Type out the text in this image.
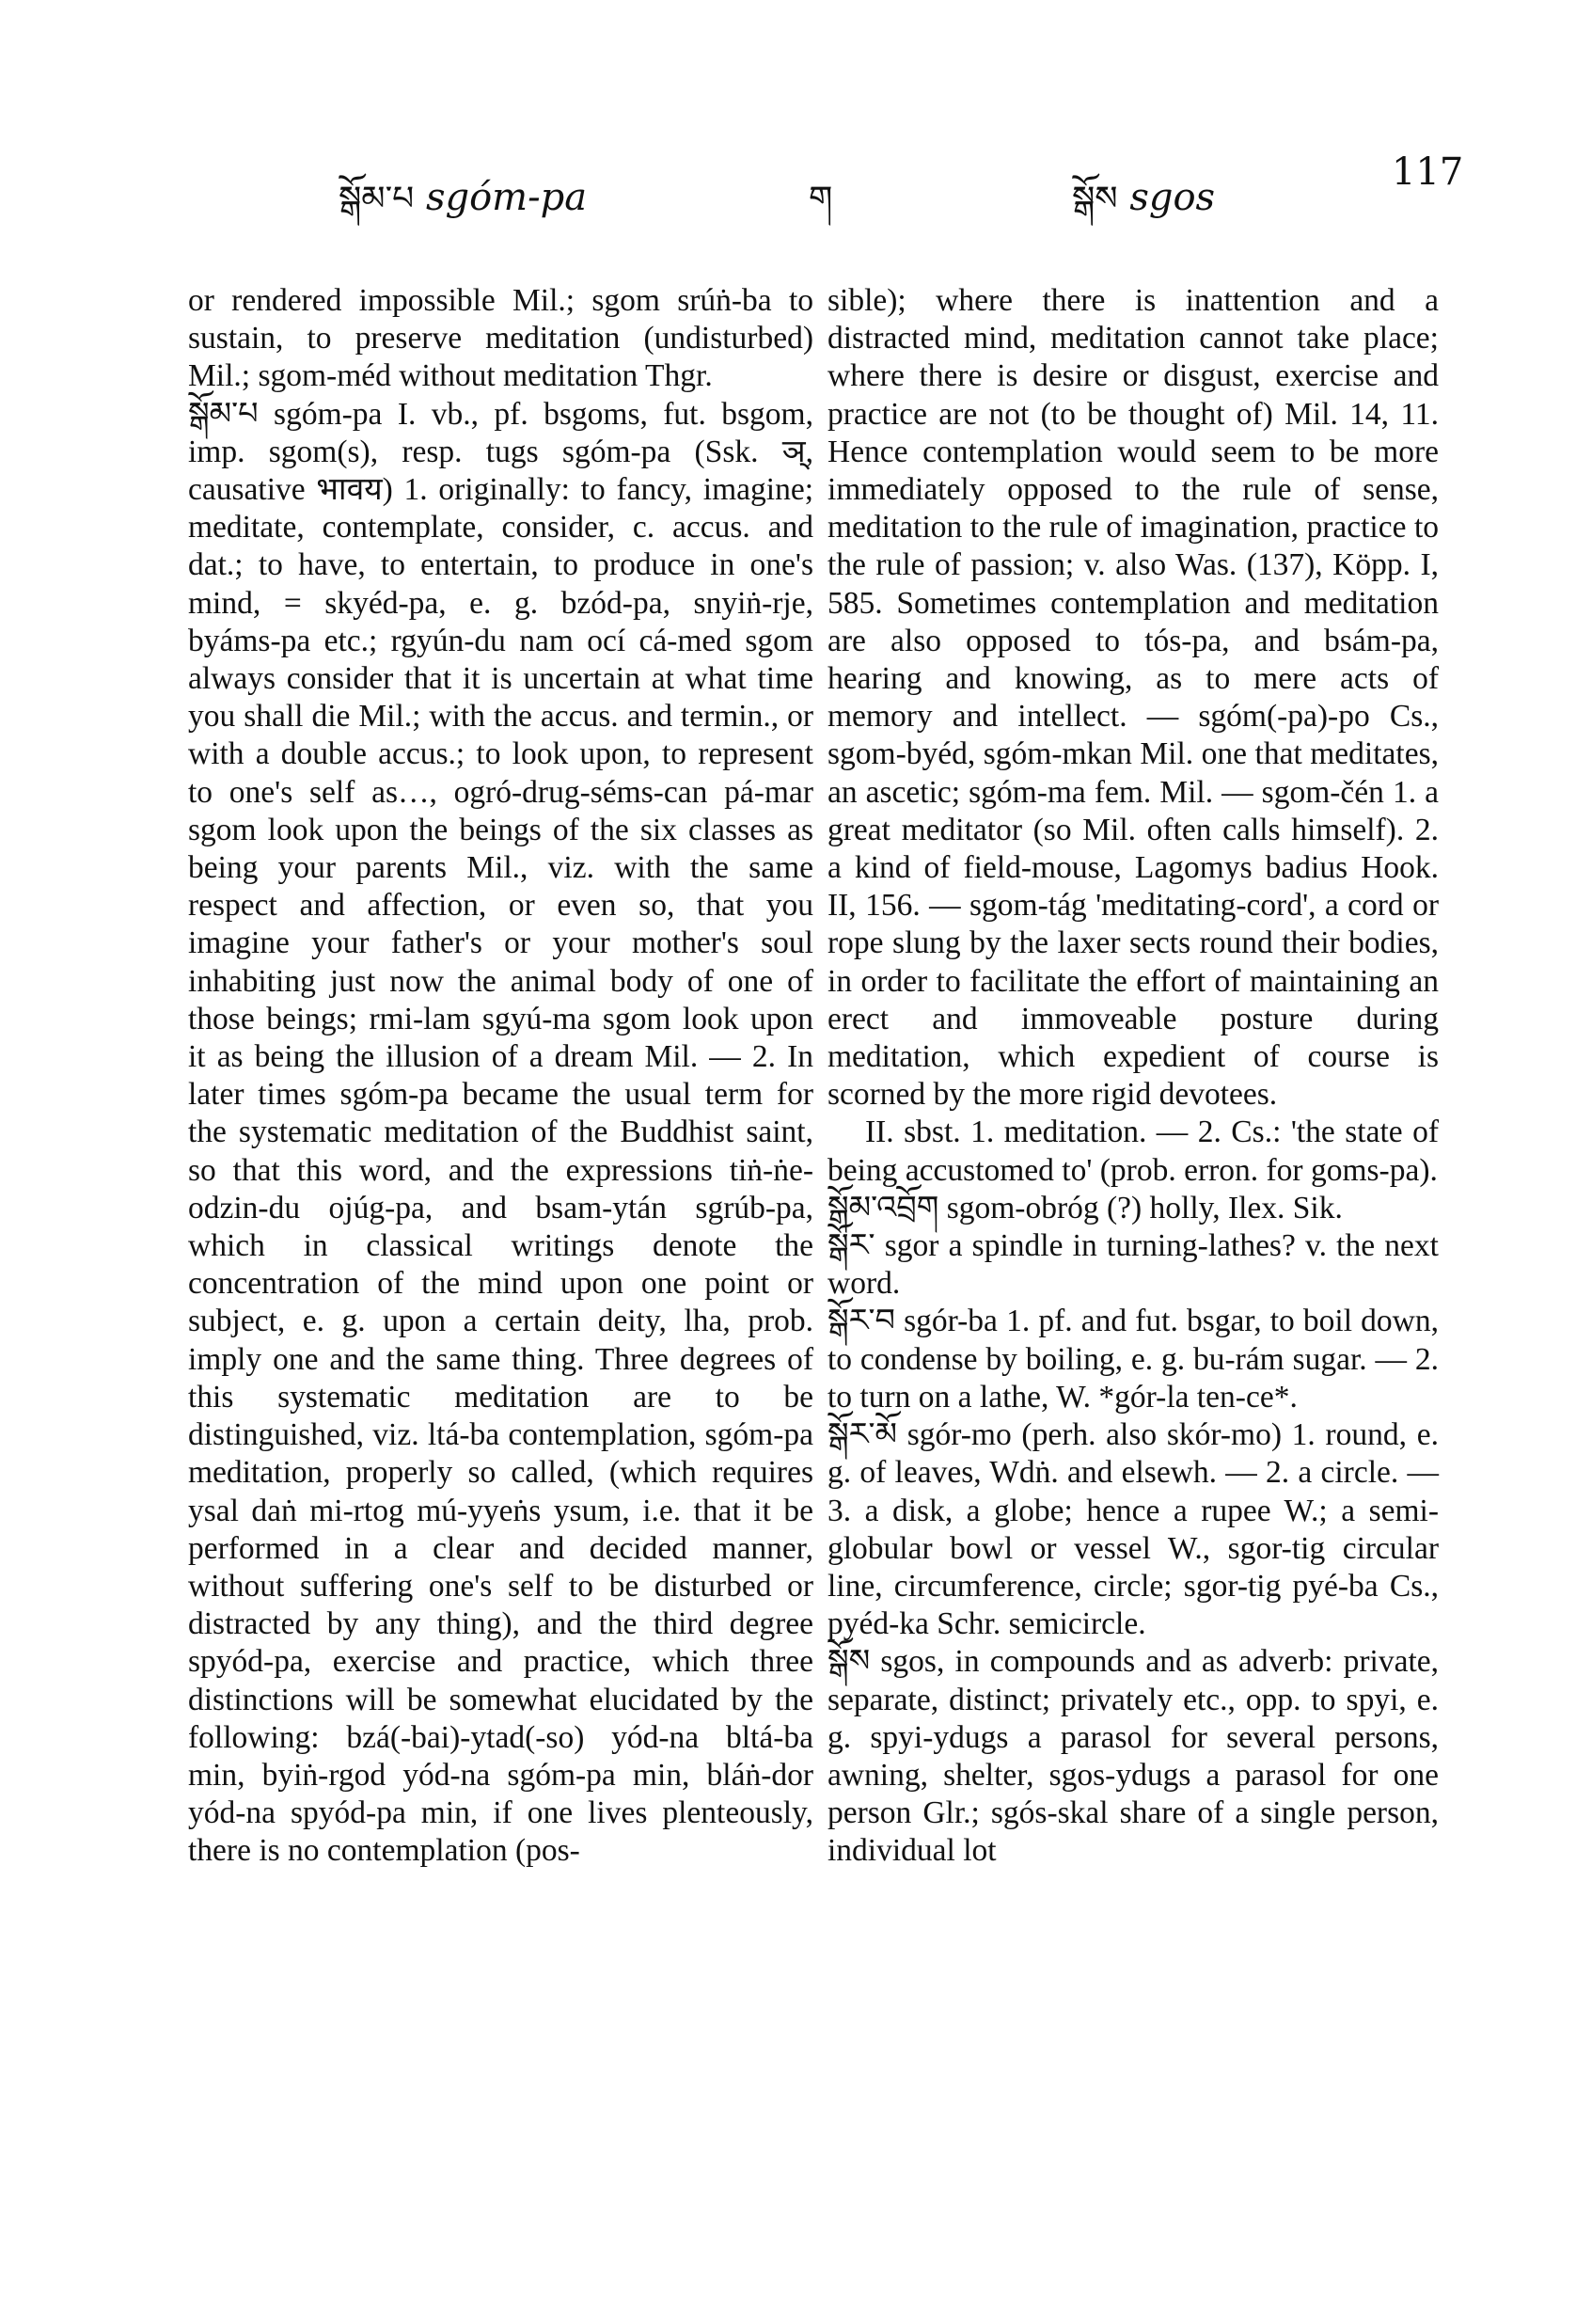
སྒོམ་པ sgóm-pa	ག	སྒོས sgos
117

or rendered impossible Mil.; sgom srúṅ-ba to sustain, to preserve meditation (undisturbed) Mil.; sgom-méd without meditation Thgr.

སྒོམ་པ sgóm-pa I. vb., pf. bsgoms, fut. bsgom, imp. sgom(s), resp. tugs sgóm-pa (Ssk. ञ्, causative भावय) 1. originally: to fancy, imagine; meditate, contemplate, consider, c. accus. and dat.; to have, to entertain, to produce in one's mind, = skyéd-pa, e. g. bzód-pa, snyiṅ-rje, byáms-pa etc.; rgyún-du nam ocí cá-med sgom always consider that it is uncertain at what time you shall die Mil.; with the accus. and termin., or with a double accus.; to look upon, to represent to one's self as…, ogró-drug-séms-can pá-mar sgom look upon the beings of the six classes as being your parents Mil., viz. with the same respect and affection, or even so, that you imagine your father's or your mother's soul inhabiting just now the animal body of one of those beings; rmi-lam sgyú-ma sgom look upon it as being the illusion of a dream Mil. — 2. In later times sgóm-pa became the usual term for the systematic meditation of the Buddhist saint, so that this word, and the expressions tiṅ-ṅe-odzin-du ojúg-pa, and bsam-ytán sgrúb-pa, which in classical writings denote the concentration of the mind upon one point or subject, e. g. upon a certain deity, lha, prob. imply one and the same thing. Three degrees of this systematic meditation are to be distinguished, viz. ltá-ba contemplation, sgóm-pa meditation, properly so called, (which requires ysal daṅ mi-rtog mú-yyeṅs ysum, i.e. that it be performed in a clear and decided manner, without suffering one's self to be disturbed or distracted by any thing), and the third degree spyód-pa, exercise and practice, which three distinctions will be somewhat elucidated by the following: bzá(-bai)-ytad(-so) yód-na bltá-ba min, byiṅ-rgod yód-na sgóm-pa min, bláṅ-dor yód-na spyód-pa min, if one lives plenteously, there is no contemplation (pos-

sible); where there is inattention and a distracted mind, meditation cannot take place; where there is desire or disgust, exercise and practice are not (to be thought of) Mil. 14, 11. Hence contemplation would seem to be more immediately opposed to the rule of sense, meditation to the rule of imagination, practice to the rule of passion; v. also Was. (137), Köpp. I, 585. Sometimes contemplation and meditation are also opposed to tós-pa, and bsám-pa, hearing and knowing, as to mere acts of memory and intellect. — sgóm(-pa)-po Cs., sgom-byéd, sgóm-mkan Mil. one that meditates, an ascetic; sgóm-ma fem. Mil. — sgom-čén 1. a great meditator (so Mil. often calls himself). 2. a kind of field-mouse, Lagomys badius Hook. II, 156. — sgom-tág 'meditating-cord', a cord or rope slung by the laxer sects round their bodies, in order to facilitate the effort of maintaining an erect and immoveable posture during meditation, which expedient of course is scorned by the more rigid devotees.

II. sbst. 1. meditation. — 2. Cs.: 'the state of being accustomed to' (prob. erron. for goms-pa).

སྒོམ་འབྲོག sgom-obróg (?) holly, Ilex. Sik.

སྒོར་ sgor a spindle in turning-lathes? v. the next word.

སྒོར་བ sgór-ba 1. pf. and fut. bsgar, to boil down, to condense by boiling, e. g. bu-rám sugar. — 2. to turn on a lathe, W. *gór-la ten-ce*.

སྒོར་མོ sgór-mo (perh. also skór-mo) 1. round, e. g. of leaves, Wdṅ. and elsewh. — 2. a circle. — 3. a disk, a globe; hence a rupee W.; a semi-globular bowl or vessel W., sgor-tig circular line, circumference, circle; sgor-tig pyé-ba Cs., pyéd-ka Schr. semicircle.

སྒོས sgos, in compounds and as adverb: private, separate, distinct; privately etc., opp. to spyi, e. g. spyi-ydugs a parasol for several persons, awning, shelter, sgos-ydugs a parasol for one person Glr.; sgós-skal share of a single person, individual lot
